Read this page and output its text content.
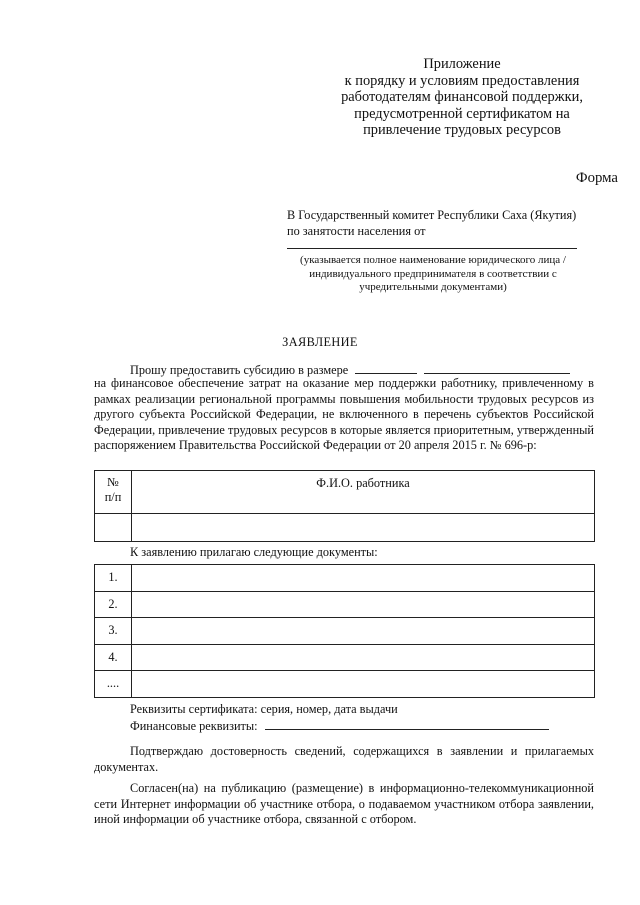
Приложение
к порядку и условиям предоставления
работодателям финансовой поддержки,
предусмотренной сертификатом на
привлечение трудовых ресурсов
Форма
В Государственный комитет Республики Саха (Якутия)
по занятости населения от
(указывается полное наименование юридического лица /индивидуального предпринимателя в соответствии с учредительными документами)
ЗАЯВЛЕНИЕ
Прошу предоставить субсидию в размере
на финансовое обеспечение затрат на оказание мер поддержки работнику, привлеченному в рамках реализации региональной программы повышения мобильности трудовых ресурсов из другого субъекта Российской Федерации, не включенного в перечень субъектов Российской Федерации, привлечение трудовых ресурсов в которые является приоритетным, утвержденный распоряжением Правительства Российской Федерации от 20 апреля 2015 г. № 696-р:
№
п/п	Ф.И.О. работника

К заявлению прилагаю следующие документы:
1.	
2.	
3.	
4.	
....	
Реквизиты сертификата: серия, номер, дата выдачи
Финансовые реквизиты:
Подтверждаю достоверность сведений, содержащихся в заявлении и прилагаемых документах.
Согласен(на) на публикацию (размещение) в информационно-телекоммуникационной сети Интернет информации об участнике отбора, о подаваемом участником отбора заявлении, иной информации об участнике отбора, связанной с отбором.
